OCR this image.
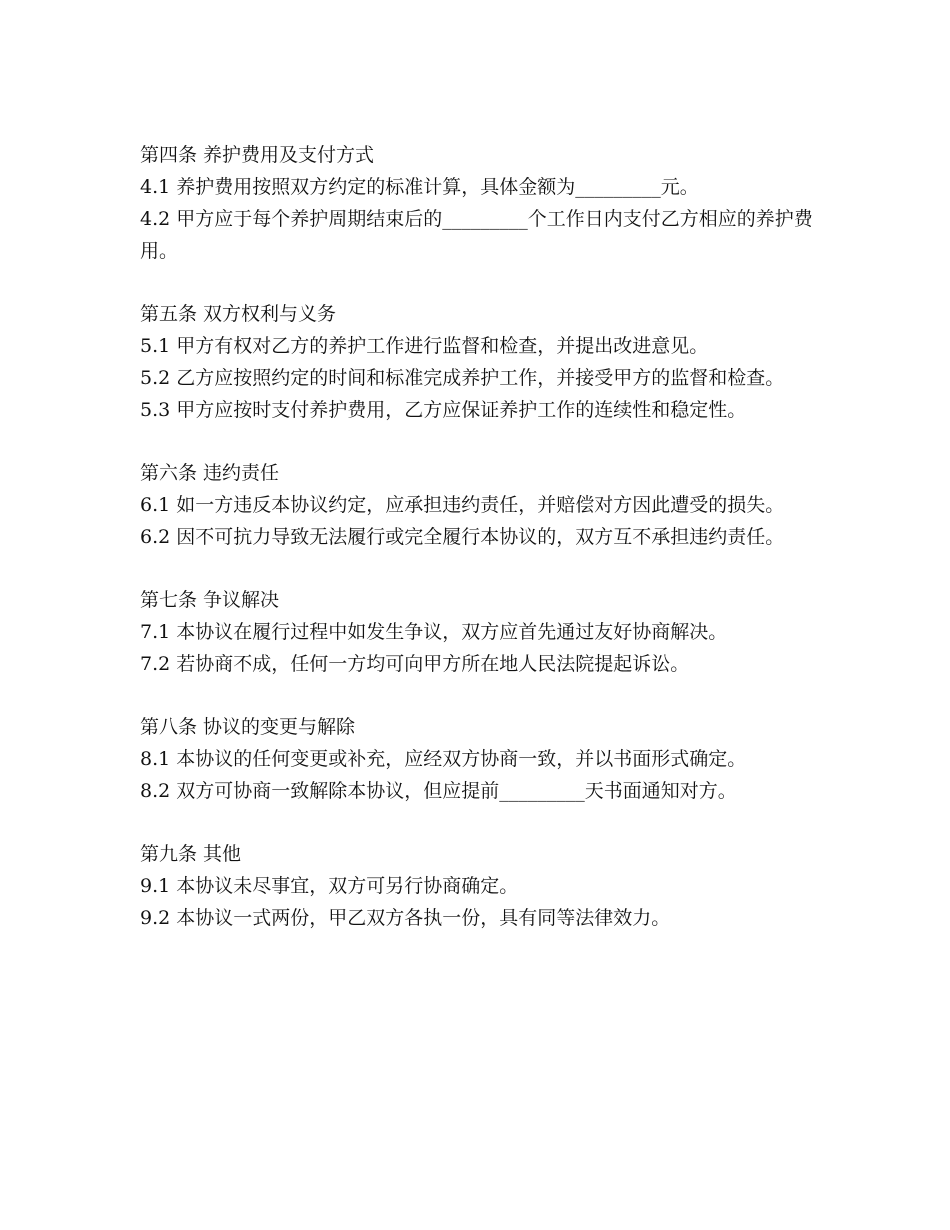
第四条 养护费用及支付方式
4.1 养护费用按照双方约定的标准计算，具体金额为_________元。
4.2 甲方应于每个养护周期结束后的_________个工作日内支付乙方相应的养护费用。
第五条 双方权利与义务
5.1 甲方有权对乙方的养护工作进行监督和检查，并提出改进意见。
5.2 乙方应按照约定的时间和标准完成养护工作，并接受甲方的监督和检查。
5.3 甲方应按时支付养护费用，乙方应保证养护工作的连续性和稳定性。
第六条 违约责任
6.1 如一方违反本协议约定，应承担违约责任，并赔偿对方因此遭受的损失。
6.2 因不可抗力导致无法履行或完全履行本协议的，双方互不承担违约责任。
第七条 争议解决
7.1 本协议在履行过程中如发生争议，双方应首先通过友好协商解决。
7.2 若协商不成，任何一方均可向甲方所在地人民法院提起诉讼。
第八条 协议的变更与解除
8.1 本协议的任何变更或补充，应经双方协商一致，并以书面形式确定。
8.2 双方可协商一致解除本协议，但应提前_________天书面通知对方。
第九条 其他
9.1 本协议未尽事宜，双方可另行协商确定。
9.2 本协议一式两份，甲乙双方各执一份，具有同等法律效力。
